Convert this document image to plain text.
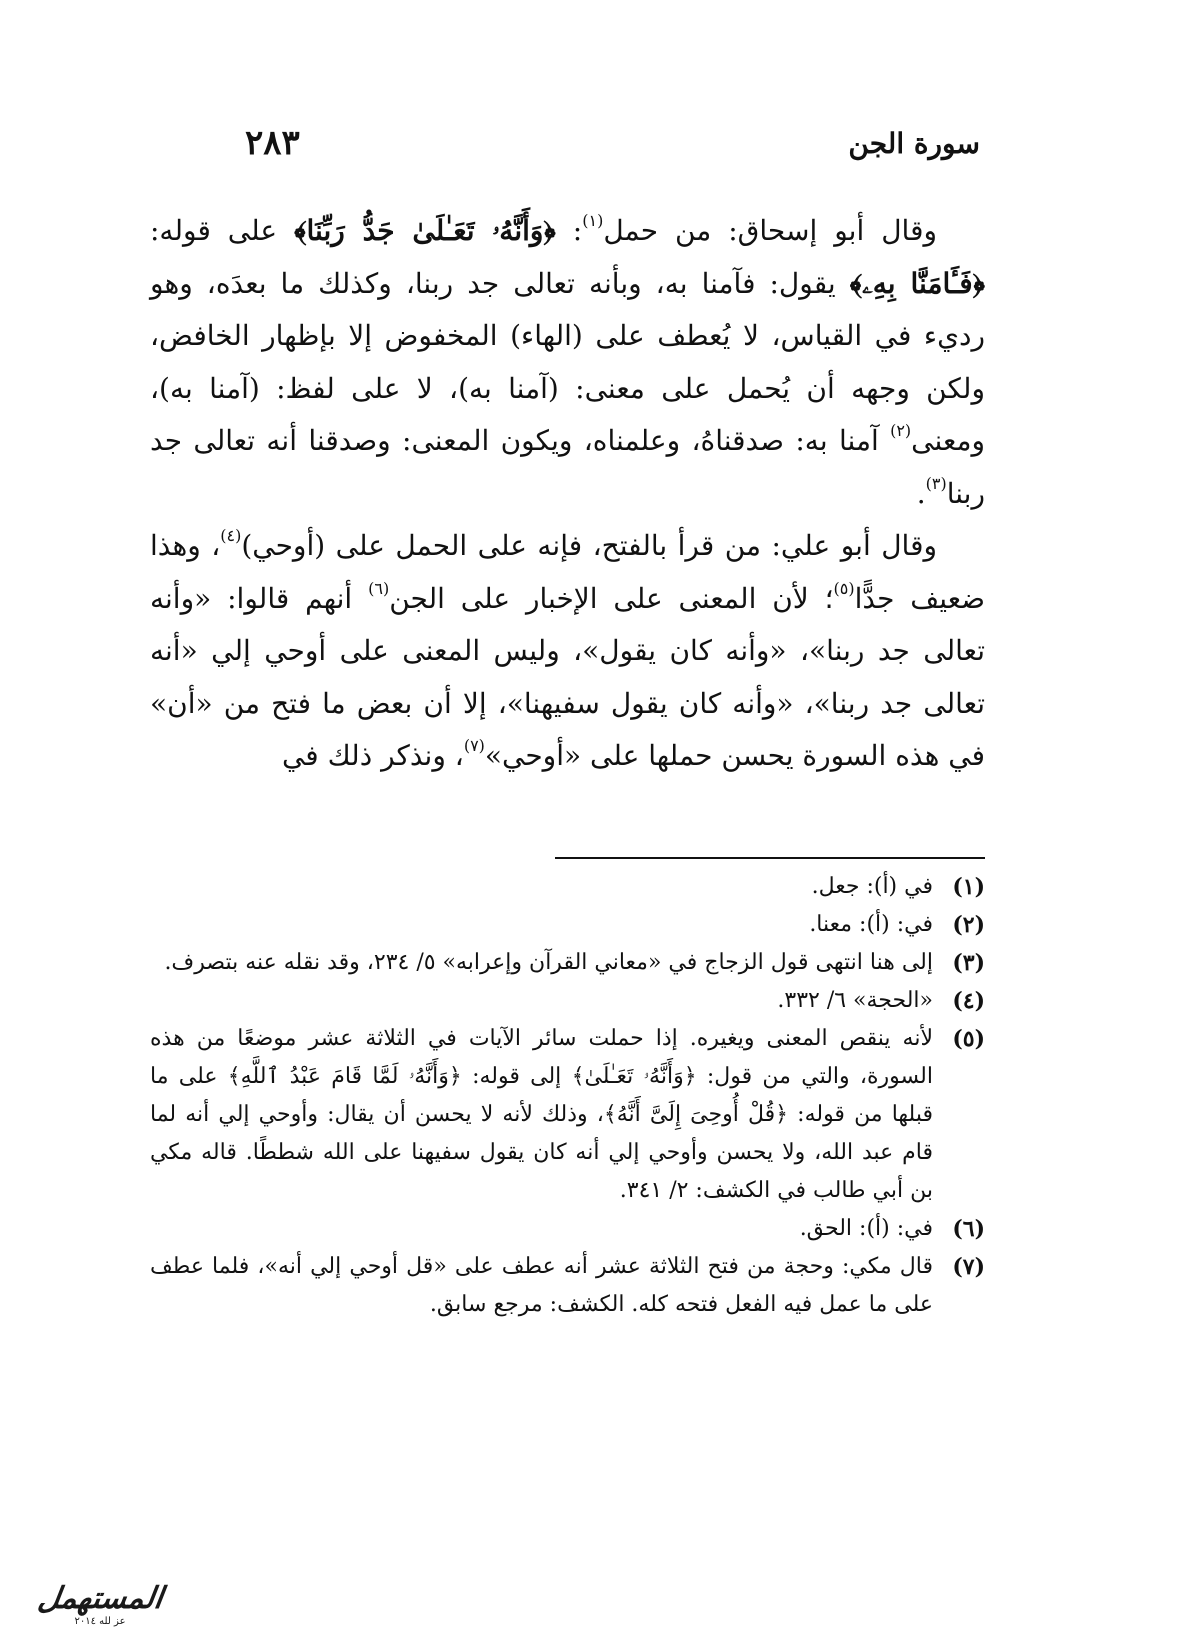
سورة الجن
٢٨٣

وقال أبو إسحاق: من حمل$^{(١)}$: ﴿وَأَنَّهُۥ تَعَـٰلَىٰ جَدُّ رَبِّنَا﴾ على قوله: ﴿فَـَٔامَنَّا بِهِۦ﴾ يقول: فآمنا به، وبأنه تعالى جد ربنا، وكذلك ما بعدَه، وهو رديء في القياس، لا يُعطف على (الهاء) المخفوض إلا بإظهار الخافض، ولكن وجهه أن يُحمل على معنى: (آمنا به)، لا على لفظ: (آمنا به)، ومعنى$^{(٢)}$ آمنا به: صدقناهُ، وعلمناه، ويكون المعنى: وصدقنا أنه تعالى جد ربنا$^{(٣)}$.

وقال أبو علي: من قرأ بالفتح، فإنه على الحمل على (أوحي)$^{(٤)}$، وهذا ضعيف جدًّا$^{(٥)}$؛ لأن المعنى على الإخبار على الجن$^{(٦)}$ أنهم قالوا: «وأنه تعالى جد ربنا»، «وأنه كان يقول»، وليس المعنى على أوحي إلي «أنه تعالى جد ربنا»، «وأنه كان يقول سفيهنا»، إلا أن بعض ما فتح من «أن» في هذه السورة يحسن حملها على «أوحي»$^{(٧)}$، ونذكر ذلك في

(١)
في (أ): جعل.
(٢)
في: (أ): معنا.
(٣)
إلى هنا انتهى قول الزجاج في «معاني القرآن وإعرابه» ٥/ ٢٣٤، وقد نقله عنه بتصرف.
(٤)
«الحجة» ٦/ ٣٣٢.
(٥)
لأنه ينقص المعنى ويغيره. إذا حملت سائر الآيات في الثلاثة عشر موضعًا من هذه السورة، والتي من قول: ﴿وَأَنَّهُۥ تَعَـٰلَىٰ﴾ إلى قوله: ﴿وَأَنَّهُۥ لَمَّا قَامَ عَبْدُ ٱللَّهِ﴾ على ما قبلها من قوله: ﴿قُلْ أُوحِىَ إِلَىَّ أَنَّهُ﴾، وذلك لأنه لا يحسن أن يقال: وأوحي إلي أنه لما قام عبد الله، ولا يحسن وأوحي إلي أنه كان يقول سفيهنا على الله شططًا. قاله مكي بن أبي طالب في الكشف: ٢/ ٣٤١.
(٦)
في: (أ): الحق.
(٧)
قال مكي: وحجة من فتح الثلاثة عشر أنه عطف على «قل أوحي إلي أنه»، فلما عطف على ما عمل فيه الفعل فتحه كله. الكشف: مرجع سابق.
المستهمل
عز لله ٢٠١٤
